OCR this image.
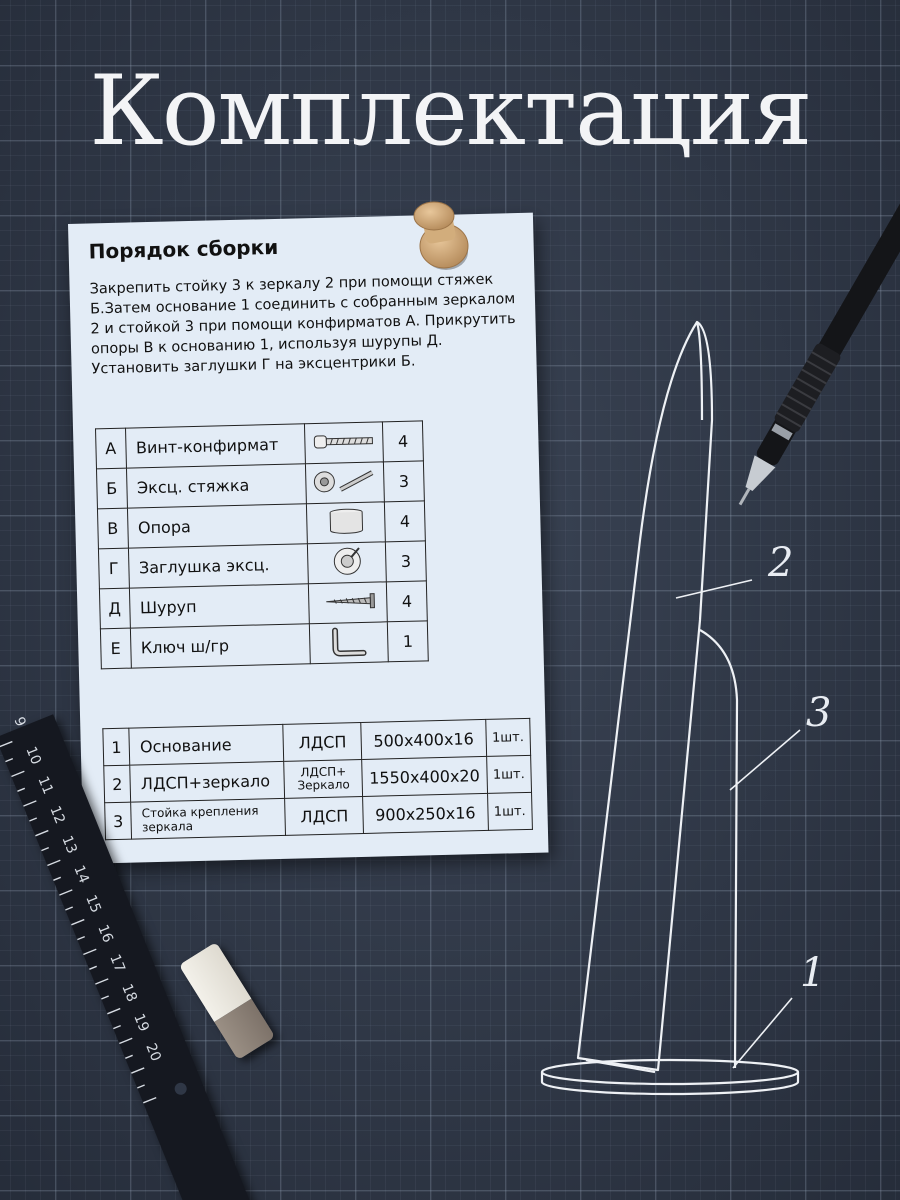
Комплектация
Порядок сборки

Закрепить стойку 3 к зеркалу 2 при помощи стяжек Б.Затем основание 1 соединить с собранным зеркалом 2 и стойкой 3 при помощи конфирматов А. Прикрутить опоры В к основанию 1, используя шурупы Д. Установить заглушки Г на эксцентрики Б.

А	Винт-конфирмат		4
Б	Эксц. стяжка		3
В	Опора		4
Г	Заглушка эксц.		3
Д	Шуруп		4
Е	Ключ ш/гр		1
1	Основание	ЛДСП	500x400x16	1шт.
2	ЛДСП+зеркало	ЛДСП+ Зеркало	1550x400x20	1шт.
3	Стойка крепления зеркала	ЛДСП	900x250x16	1шт.
2
3
1
9
10
11
12
13
14
15
16
17
18
19
20
